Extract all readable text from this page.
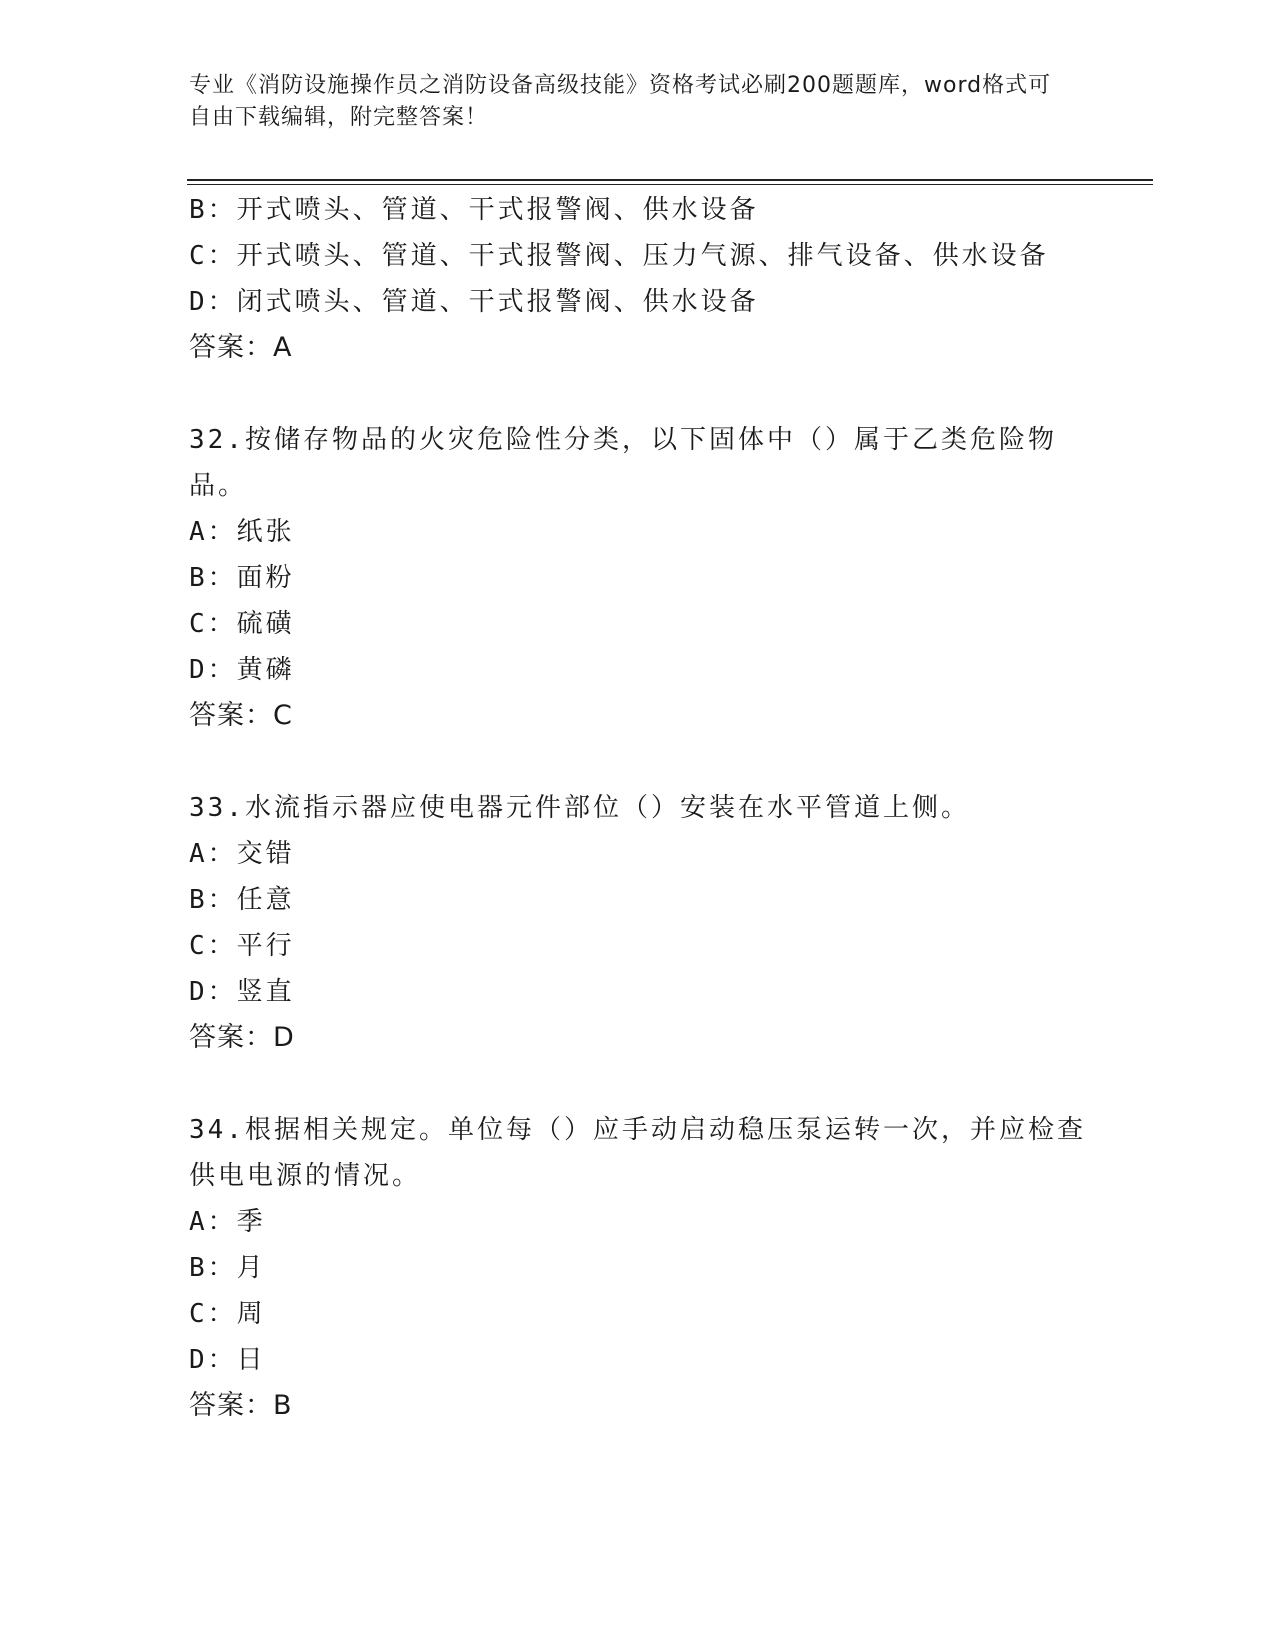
专业《消防设施操作员之消防设备高级技能》资格考试必刷200题题库，word格式可自由下载编辑，附完整答案！
B：开式喷头、管道、干式报警阀、供水设备
C：开式喷头、管道、干式报警阀、压力气源、排气设备、供水设备
D：闭式喷头、管道、干式报警阀、供水设备
答案：A
32.按储存物品的火灾危险性分类，以下固体中（）属于乙类危险物品。
A：纸张
B：面粉
C：硫磺
D：黄磷
答案：C
33.水流指示器应使电器元件部位（）安装在水平管道上侧。
A：交错
B：任意
C：平行
D：竖直
答案：D
34.根据相关规定。单位每（）应手动启动稳压泵运转一次，并应检查供电电源的情况。
A：季
B：月
C：周
D：日
答案：B
